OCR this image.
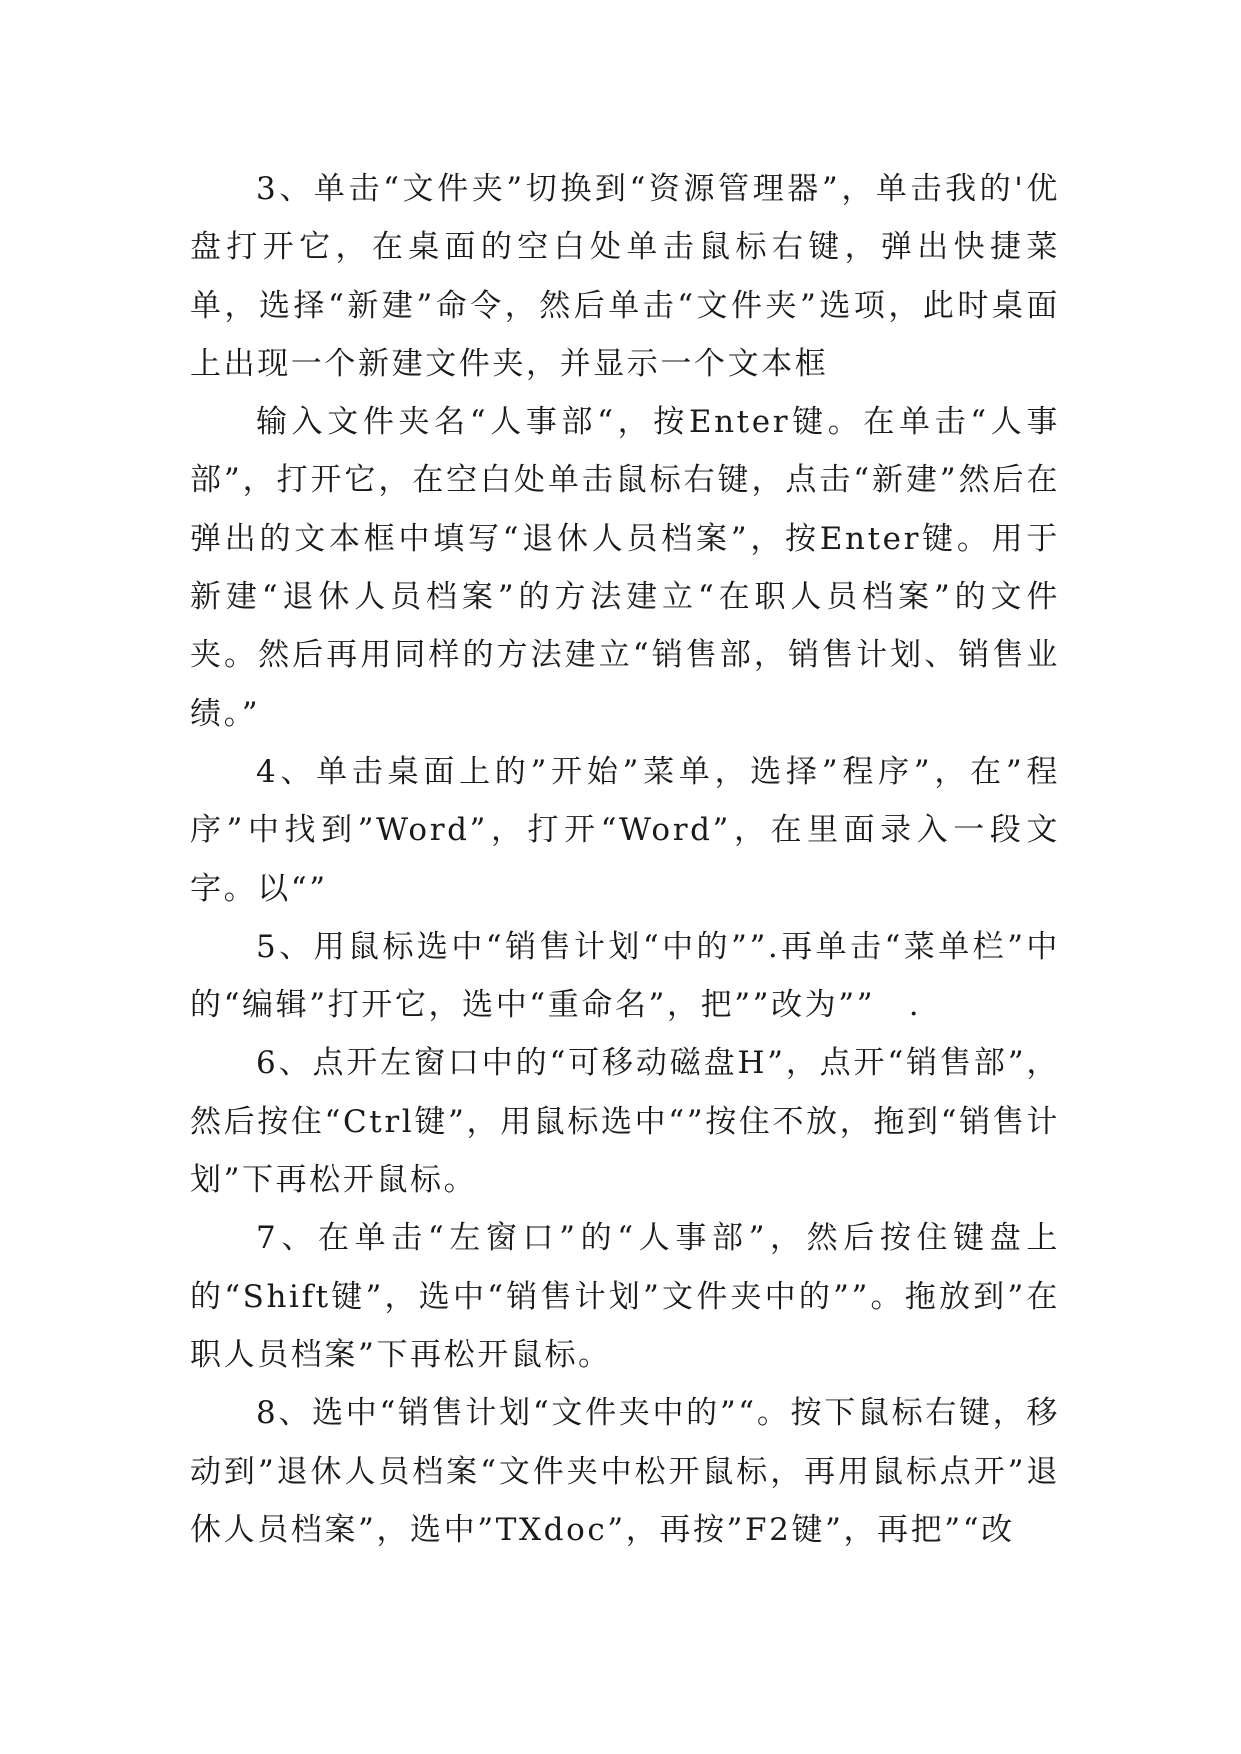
3、单击“文件夹”切换到“资源管理器”，单击我的'优盘打开它，在桌面的空白处单击鼠标右键，弹出快捷菜单，选择“新建”命令，然后单击“文件夹”选项，此时桌面上出现一个新建文件夹，并显示一个文本框

输入文件夹名“人事部“，按Enter键。在单击“人事部”，打开它，在空白处单击鼠标右键，点击“新建”然后在弹出的文本框中填写“退休人员档案”，按Enter键。用于新建“退休人员档案”的方法建立“在职人员档案”的文件夹。然后再用同样的方法建立“销售部，销售计划、销售业绩。”

4、单击桌面上的”开始”菜单，选择”程序”，在”程序”中找到”Word”，打开“Word”，在里面录入一段文字。以“”

5、用鼠标选中“销售计划“中的””.再单击“菜单栏”中的“编辑”打开它，选中“重命名”，把””改为””　.

6、点开左窗口中的“可移动磁盘H”，点开“销售部”，然后按住“Ctrl键”，用鼠标选中“”按住不放，拖到“销售计划”下再松开鼠标。

7、在单击“左窗口”的“人事部”，然后按住键盘上的“Shift键”，选中“销售计划”文件夹中的””。拖放到”在职人员档案”下再松开鼠标。

8、选中“销售计划“文件夹中的”“。按下鼠标右键，移动到”退休人员档案“文件夹中松开鼠标，再用鼠标点开”退休人员档案”，选中”TXdoc”，再按”F2键”，再把”“改
